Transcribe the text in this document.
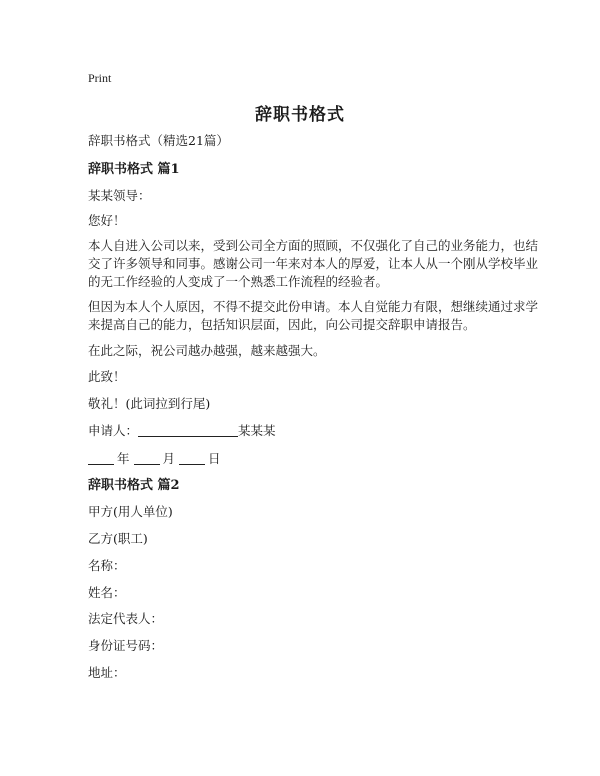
Print
辞职书格式
辞职书格式（精选21篇）
辞职书格式 篇1
某某领导：
您好！
本人自进入公司以来，受到公司全方面的照顾，不仅强化了自己的业务能力，也结
交了许多领导和同事。感谢公司一年来对本人的厚爱，让本人从一个刚从学校毕业
的无工作经验的人变成了一个熟悉工作流程的经验者。
但因为本人个人原因，不得不提交此份申请。本人自觉能力有限，想继续通过求学
来提高自己的能力，包括知识层面，因此，向公司提交辞职申请报告。
在此之际，祝公司越办越强，越来越强大。
此致！
敬礼！(此词拉到行尾)
申请人：	某某某
年	月	日
辞职书格式 篇2
甲方(用人单位)
乙方(职工)
名称：
姓名：
法定代表人：
身份证号码：
地址：
